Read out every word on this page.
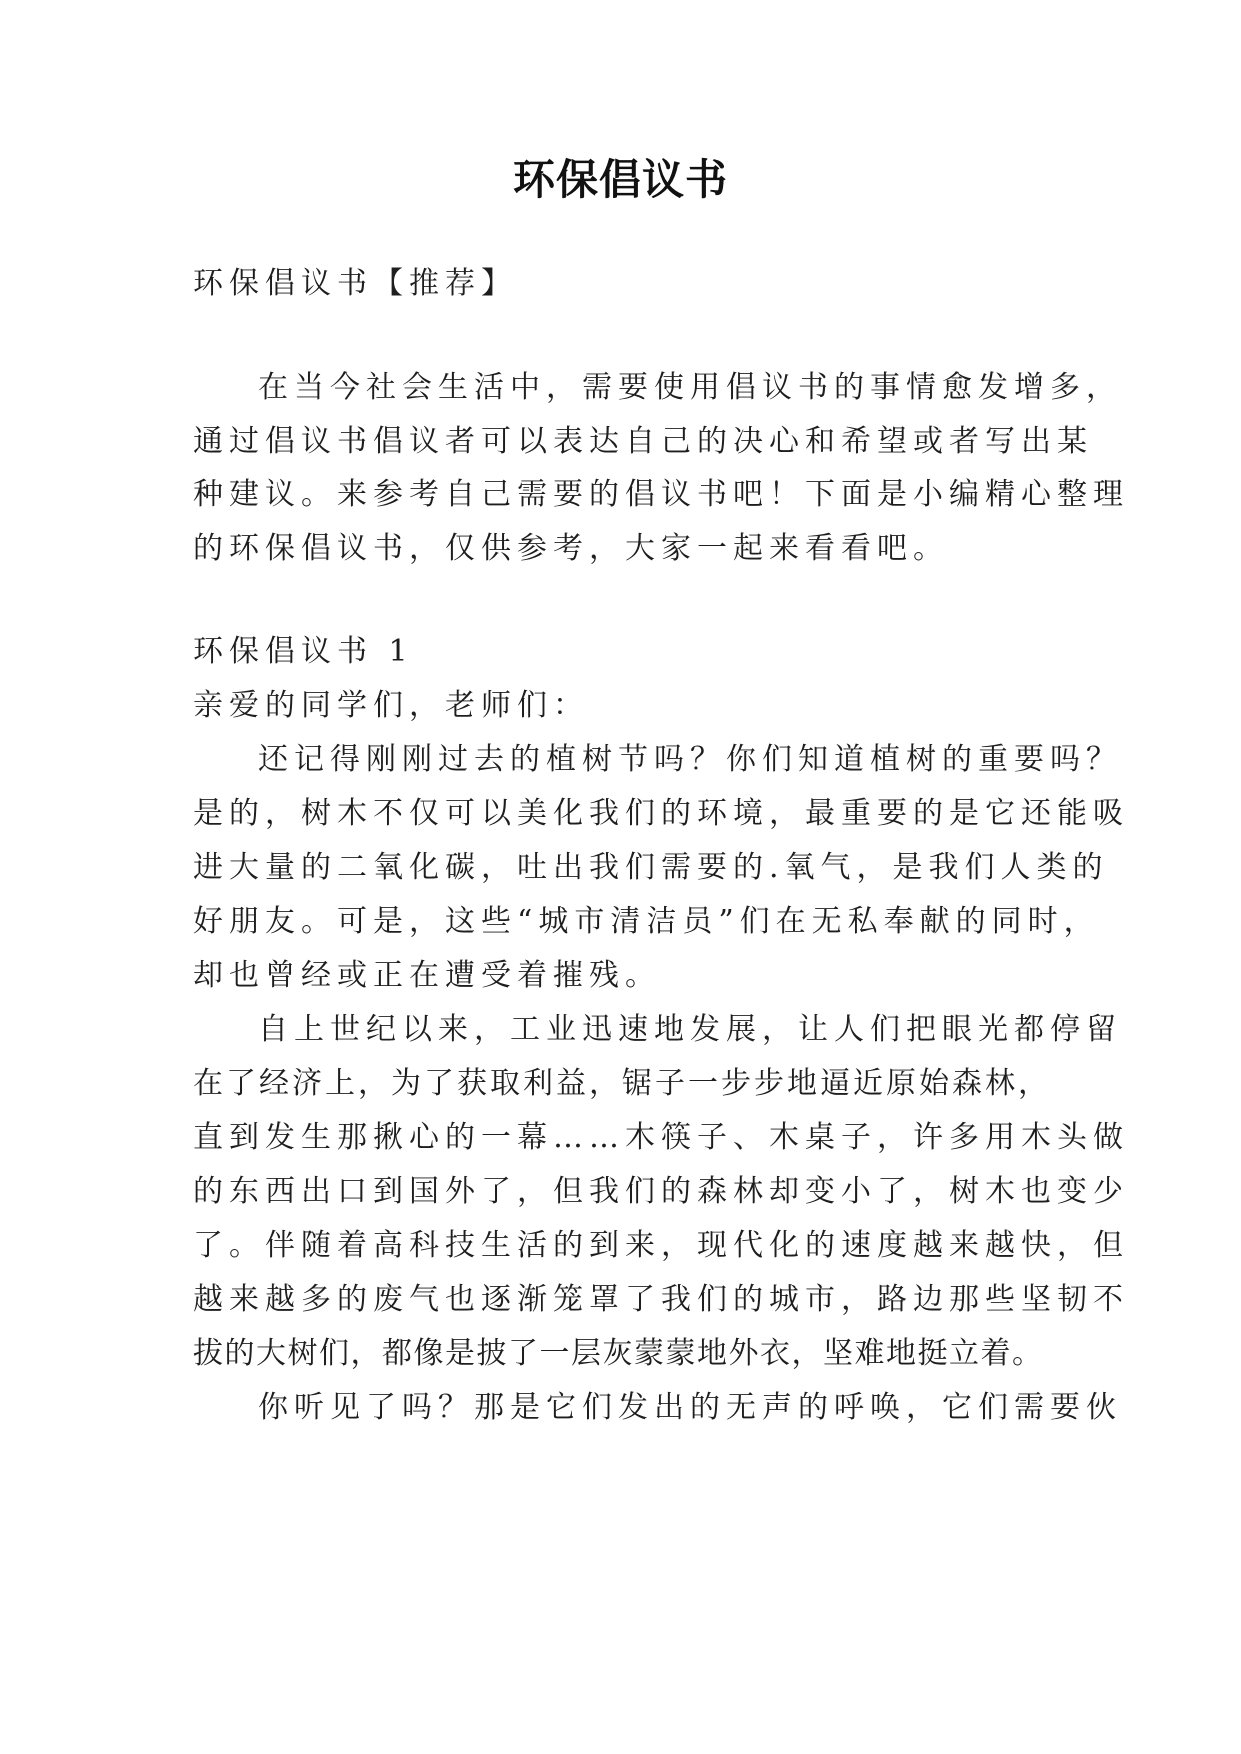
环保倡议书
环保倡议书【推荐】
在当今社会生活中，需要使用倡议书的事情愈发增多，
通过倡议书倡议者可以表达自己的决心和希望或者写出某
种建议。来参考自己需要的倡议书吧！下面是小编精心整理
的环保倡议书，仅供参考，大家一起来看看吧。
环保倡议书 1
亲爱的同学们，老师们：
还记得刚刚过去的植树节吗？你们知道植树的重要吗？
是的，树木不仅可以美化我们的环境，最重要的是它还能吸
进大量的二氧化碳，吐出我们需要的.氧气，是我们人类的
好朋友。可是，这些“城市清洁员”们在无私奉献的同时，
却也曾经或正在遭受着摧残。
自上世纪以来，工业迅速地发展，让人们把眼光都停留
在了经济上，为了获取利益，锯子一步步地逼近原始森林，
直到发生那揪心的一幕……木筷子、木桌子，许多用木头做
的东西出口到国外了，但我们的森林却变小了，树木也变少
了。伴随着高科技生活的到来，现代化的速度越来越快，但
越来越多的废气也逐渐笼罩了我们的城市，路边那些坚韧不
拔的大树们，都像是披了一层灰蒙蒙地外衣，坚难地挺立着。
你听见了吗？那是它们发出的无声的呼唤，它们需要伙
